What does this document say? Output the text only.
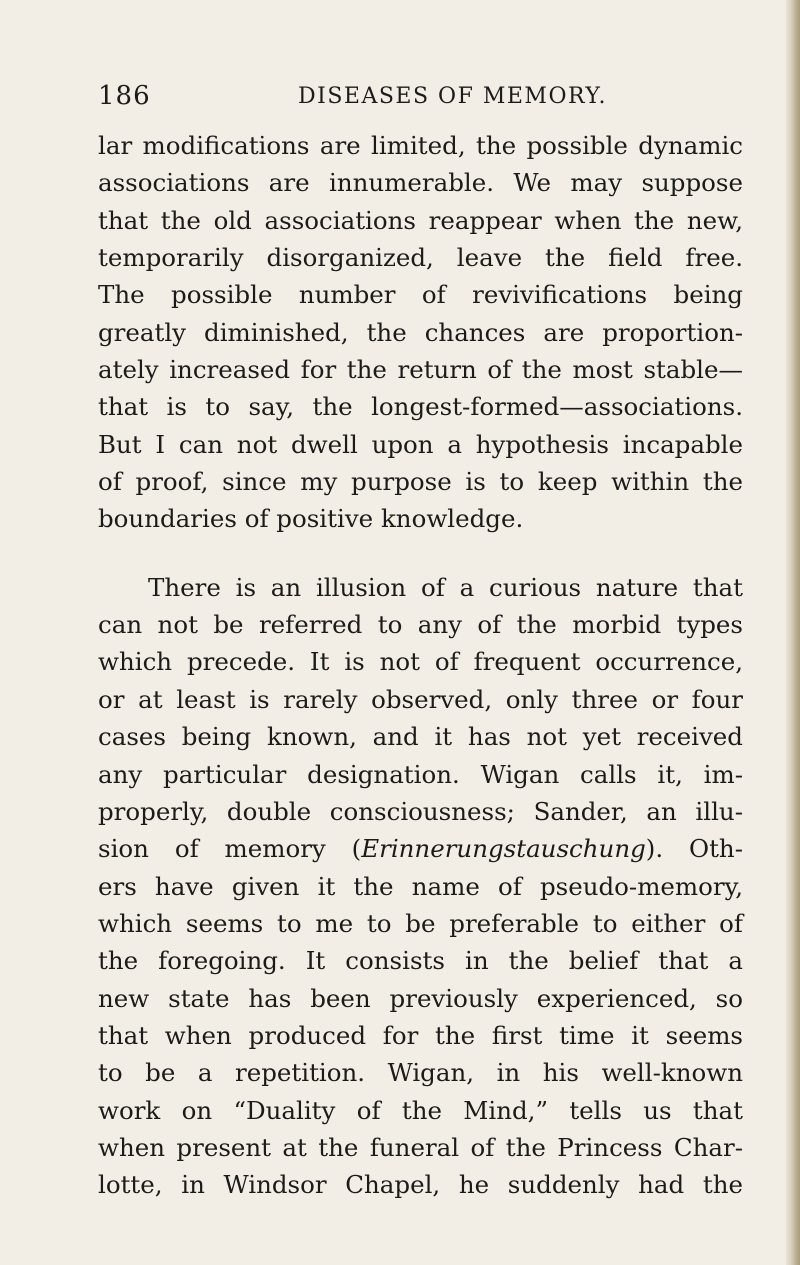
186	DISEASES OF MEMORY.
lar modifications are limited, the possible dynamic
associations are innumerable. We may suppose
that the old associations reappear when the new,
temporarily disorganized, leave the field free.
The possible number of revivifications being
greatly diminished, the chances are proportion-
ately increased for the return of the most stable—
that is to say, the longest-formed—associations.
But I can not dwell upon a hypothesis incapable
of proof, since my purpose is to keep within the
boundaries of positive knowledge.
There is an illusion of a curious nature that
can not be referred to any of the morbid types
which precede. It is not of frequent occurrence,
or at least is rarely observed, only three or four
cases being known, and it has not yet received
any particular designation. Wigan calls it, im-
properly, double consciousness; Sander, an illu-
sion of memory (Erinnerungstauschung). Oth-
ers have given it the name of pseudo-memory,
which seems to me to be preferable to either of
the foregoing. It consists in the belief that a
new state has been previously experienced, so
that when produced for the first time it seems
to be a repetition. Wigan, in his well-known
work on “Duality of the Mind,” tells us that
when present at the funeral of the Princess Char-
lotte, in Windsor Chapel, he suddenly had the
